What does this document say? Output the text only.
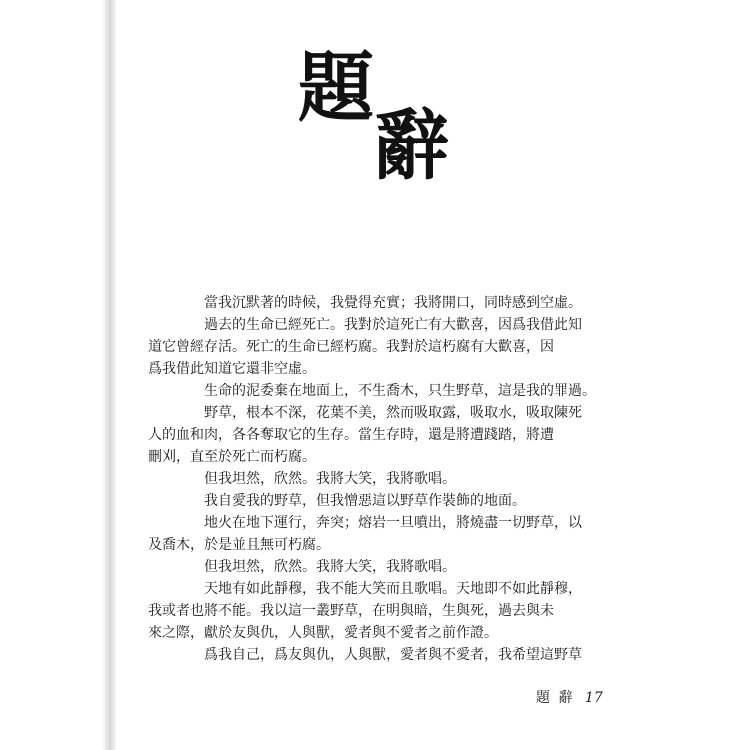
題
辭

當我沉默著的時候，我覺得充實；我將開口，同時感到空虛。

過去的生命已經死亡。我對於這死亡有大歡喜，因爲我借此知
道它曾經存活。死亡的生命已經朽腐。我對於這朽腐有大歡喜，因
爲我借此知道它還非空虛。

生命的泥委棄在地面上，不生喬木，只生野草，這是我的罪過。

野草，根本不深，花葉不美，然而吸取露，吸取水，吸取陳死
人的血和肉，各各奪取它的生存。當生存時，還是將遭踐踏，將遭
刪刈，直至於死亡而朽腐。

但我坦然，欣然。我將大笑，我將歌唱。

我自愛我的野草，但我憎惡這以野草作裝飾的地面。

地火在地下運行，奔突；熔岩一旦噴出，將燒盡一切野草，以
及喬木，於是並且無可朽腐。

但我坦然，欣然。我將大笑，我將歌唱。

天地有如此靜穆，我不能大笑而且歌唱。天地即不如此靜穆，
我或者也將不能。我以這一叢野草，在明與暗，生與死，過去與未
來之際，獻於友與仇，人與獸，愛者與不愛者之前作證。

爲我自己，爲友與仇，人與獸，愛者與不愛者，我希望這野草

題 辭 17
